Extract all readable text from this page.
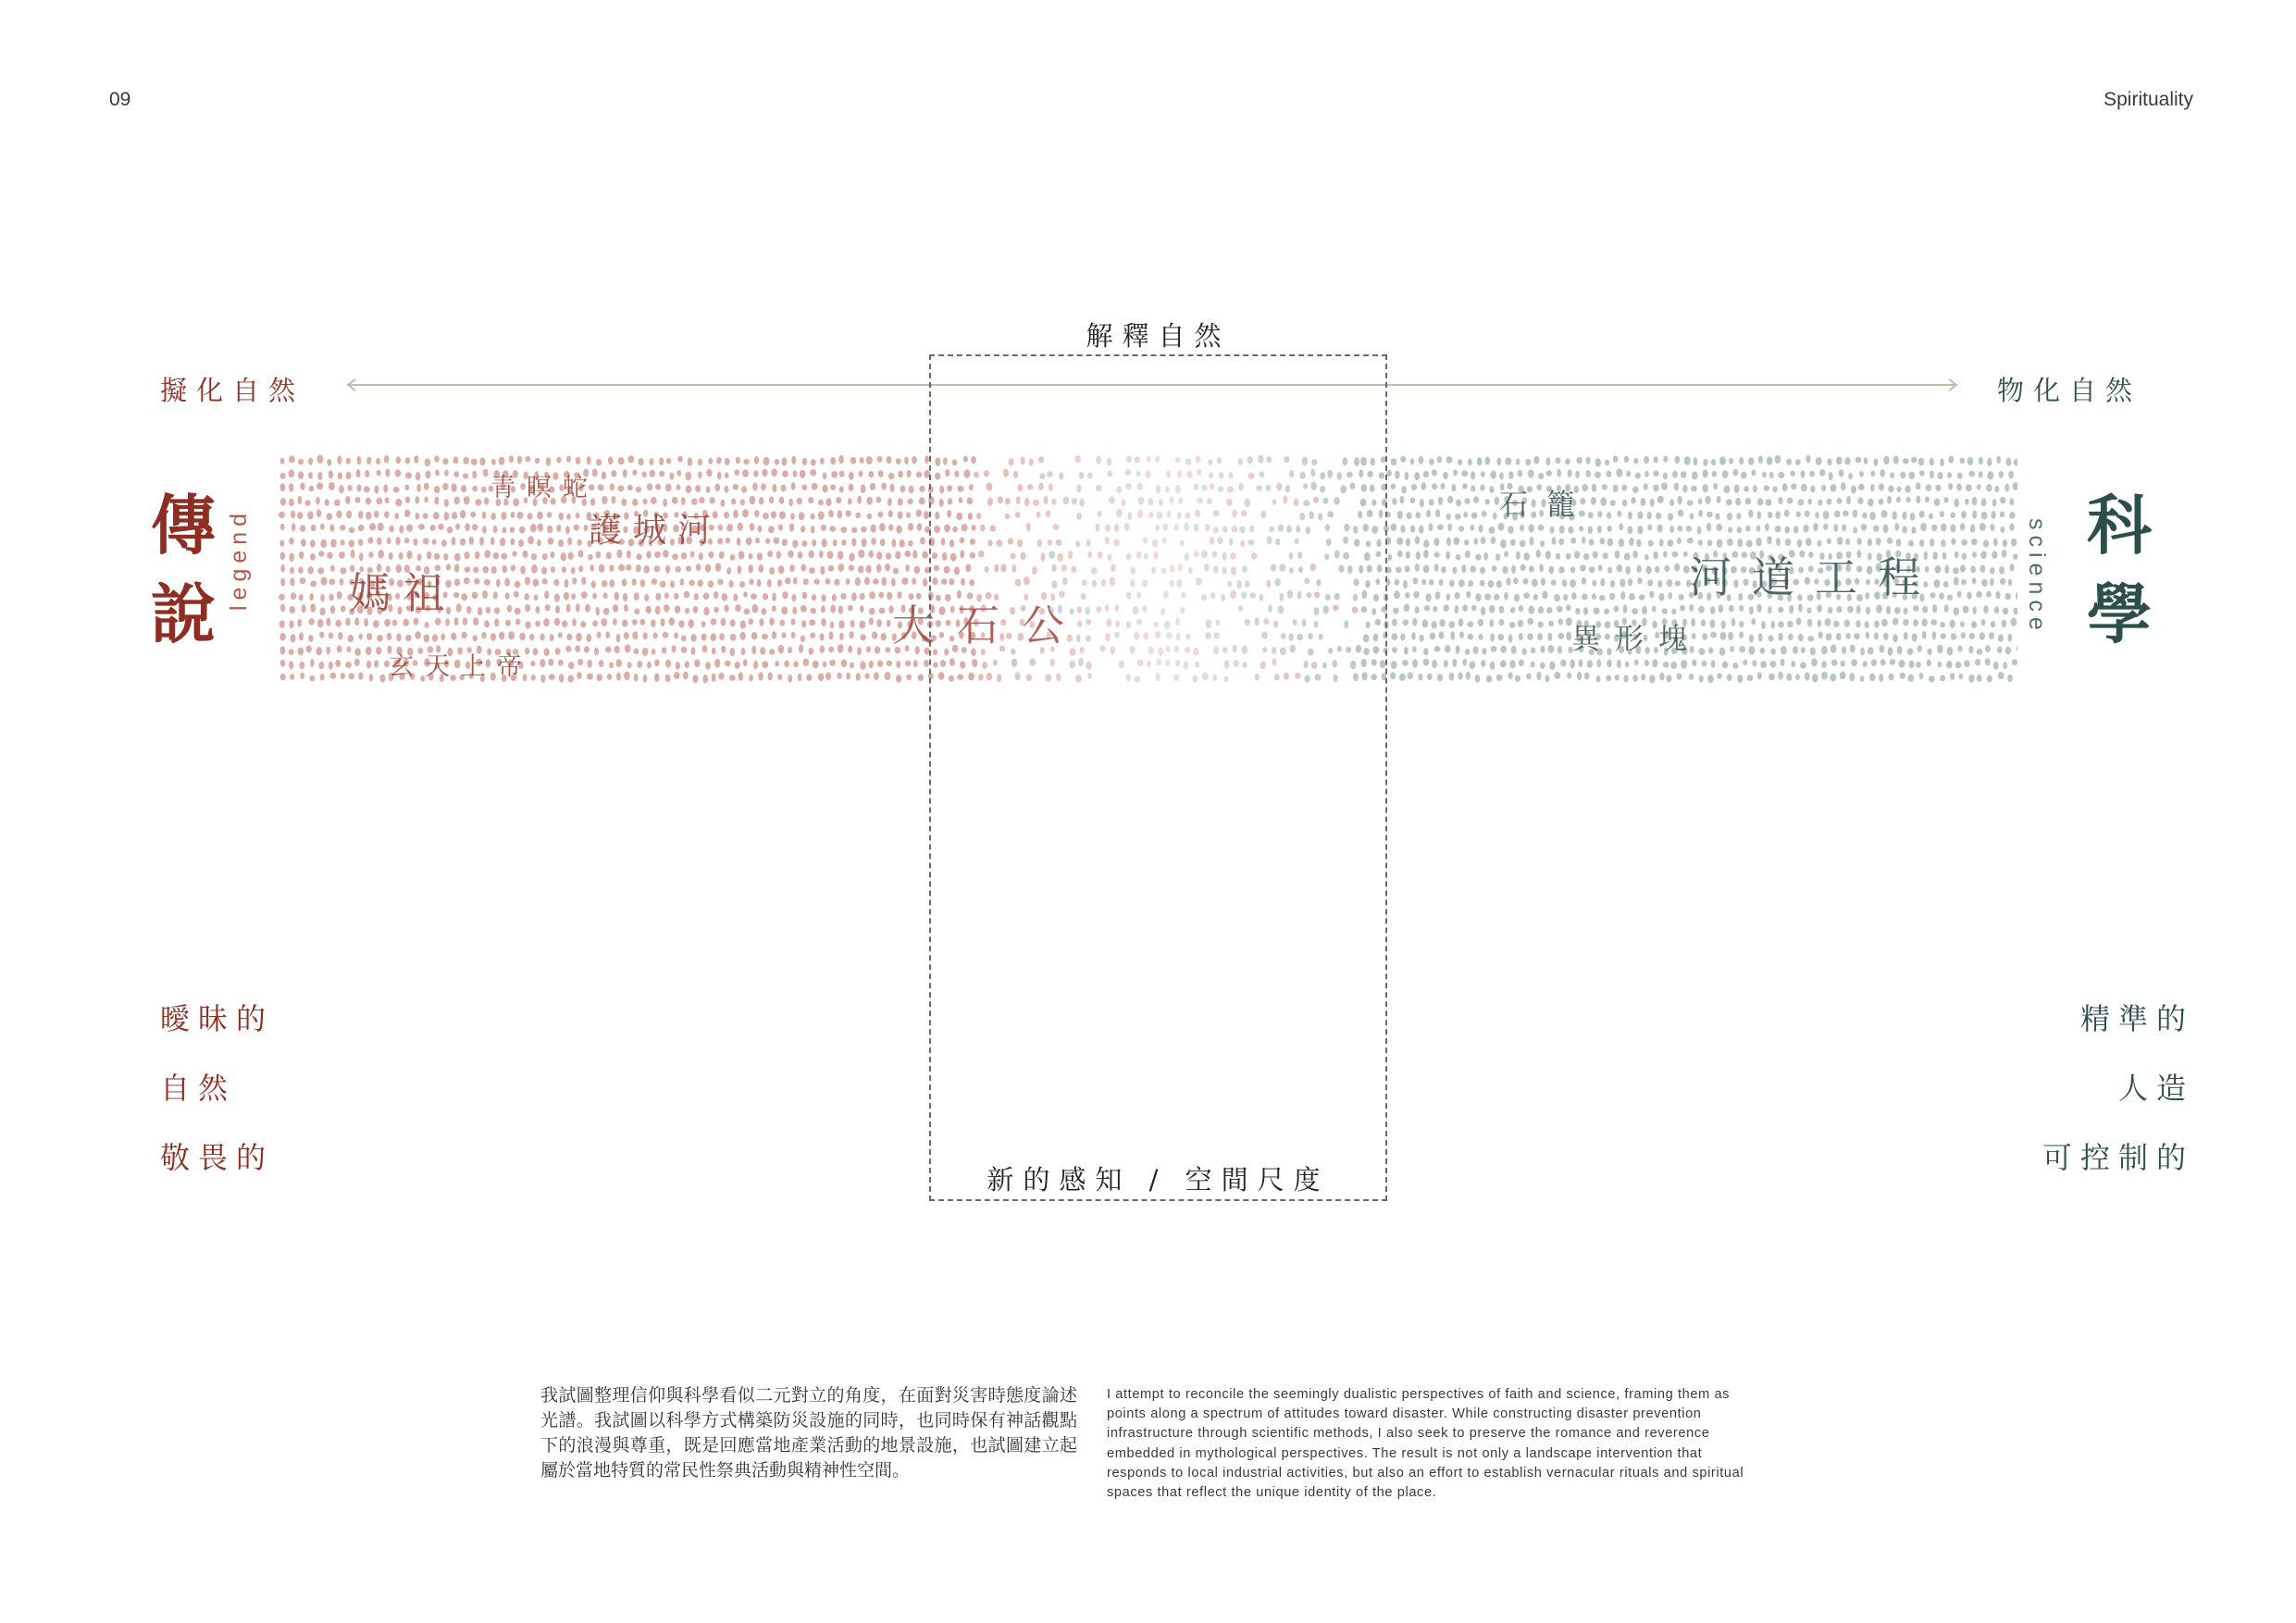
09	Spirituality
擬化自然	物化自然
傳說
legend	科學
science
青瞑蛇
護城河
媽祖
玄天上帝
大石公
石籠
河道工程
異形塊
解釋自然
新的感知 / 空間尺度
曖昧的
自然
敬畏的
精準的
人造
可控制的
我試圖整理信仰與科學看似二元對立的角度，在面對災害時態度論述光譜。我試圖以科學方式構築防災設施的同時，也同時保有神話觀點下的浪漫與尊重，既是回應當地產業活動的地景設施，也試圖建立起屬於當地特質的常民性祭典活動與精神性空間。
I attempt to reconcile the seemingly dualistic perspectives of faith and science, framing them as points along a spectrum of attitudes toward disaster. While constructing disaster prevention infrastructure through scientific methods, I also seek to preserve the romance and reverence embedded in mythological perspectives. The result is not only a landscape intervention that responds to local industrial activities, but also an effort to establish vernacular rituals and spiritual spaces that reflect the unique identity of the place.
